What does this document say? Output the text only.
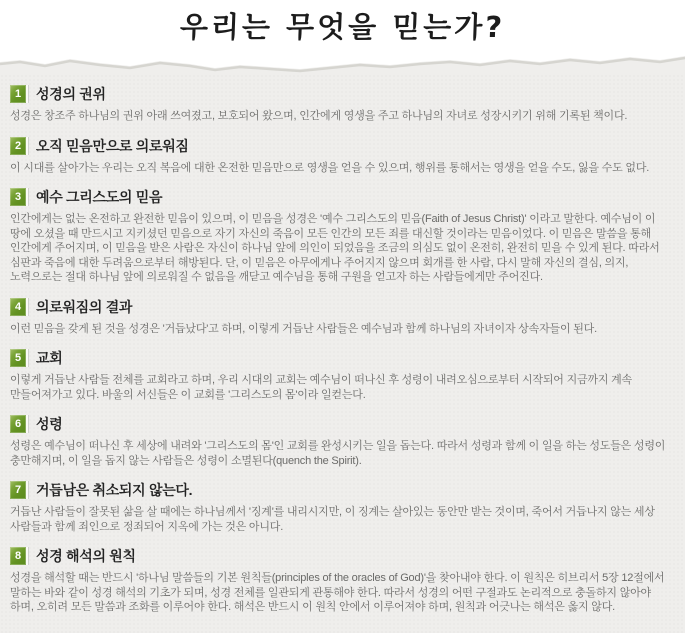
우리는 무엇을 믿는가?
1 성경의 권위

성경은 창조주 하나님의 권위 아래 쓰여졌고, 보호되어 왔으며, 인간에게 영생을 주고 하나님의 자녀로 성장시키기 위해 기록된 책이다.

2 오직 믿음만으로 의로워짐

이 시대를 살아가는 우리는 오직 복음에 대한 온전한 믿음만으로 영생을 얻을 수 있으며, 행위를 통해서는 영생을 얻을 수도, 잃을 수도 없다.

3 예수 그리스도의 믿음

인간에게는 없는 온전하고 완전한 믿음이 있으며, 이 믿음을 성경은 '예수 그리스도의 믿음(Faith of Jesus Christ)' 이라고 말한다. 예수님이 이 땅에 오셨을 때 만드시고 지키셨던 믿음으로 자기 자신의 죽음이 모든 인간의 모든 죄를 대신할 것이라는 믿음이었다. 이 믿음은 말씀을 통해 인간에게 주어지며, 이 믿음을 받은 사람은 자신이 하나님 앞에 의인이 되었음을 조금의 의심도 없이 온전히, 완전히 믿을 수 있게 된다. 따라서 심판과 죽음에 대한 두려움으로부터 해방된다. 단, 이 믿음은 아무에게나 주어지지 않으며 회개를 한 사람, 다시 말해 자신의 결심, 의지, 노력으로는 절대 하나님 앞에 의로워질 수 없음을 깨닫고 예수님을 통해 구원을 얻고자 하는 사람들에게만 주어진다.

4 의로워짐의 결과

이런 믿음을 갖게 된 것을 성경은 '거듭났다'고 하며, 이렇게 거듭난 사람들은 예수님과 함께 하나님의 자녀이자 상속자들이 된다.

5 교회

이렇게 거듭난 사람들 전체를 교회라고 하며, 우리 시대의 교회는 예수님이 떠나신 후 성령이 내려오심으로부터 시작되어 지금까지 계속 만들어져가고 있다. 바울의 서신들은 이 교회를 '그리스도의 몸'이라 일컫는다.

6 성령

성령은 예수님이 떠나신 후 세상에 내려와 '그리스도의 몸'인 교회를 완성시키는 일을 돕는다. 따라서 성령과 함께 이 일을 하는 성도들은 성령이 충만해지며, 이 일을 돕지 않는 사람들은 성령이 소멸된다(quench the Spirit).

7 거듭남은 취소되지 않는다.

거듭난 사람들이 잘못된 삶을 살 때에는 하나님께서 '징계'를 내리시지만, 이 징계는 살아있는 동안만 받는 것이며, 죽어서 거듭나지 않는 세상 사람들과 함께 죄인으로 정죄되어 지옥에 가는 것은 아니다.

8 성경 해석의 원칙

성경을 해석할 때는 반드시 '하나님 말씀들의 기본 원칙들(principles of the oracles of God)'을 찾아내야 한다. 이 원칙은 히브리서 5장 12절에서 말하는 바와 같이 성경 해석의 기초가 되며, 성경 전체를 일관되게 관통해야 한다. 따라서 성경의 어떤 구절과도 논리적으로 충돌하지 않아야 하며, 오히려 모든 말씀과 조화를 이루어야 한다. 해석은 반드시 이 원칙 안에서 이루어져야 하며, 원칙과 어긋나는 해석은 옳지 않다.
